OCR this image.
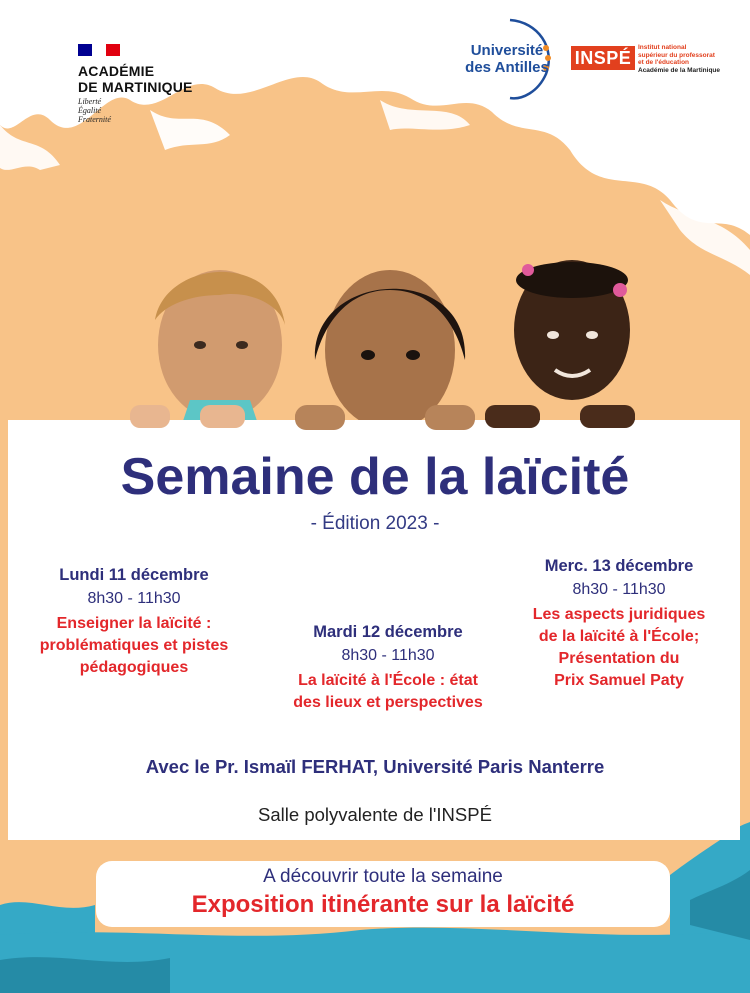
ACADÉMIE
DE MARTINIQUE
Liberté
Égalité
Fraternité
Université
des Antilles INSPÉ
Institut national
supérieur du professorat
et de l'éducation
Académie de la Martinique
Semaine de la laïcité
- Édition 2023 -
Lundi 11 décembre
8h30 - 11h30
Enseigner la laïcité :
problématiques et pistes
pédagogiques
Mardi 12 décembre
8h30 - 11h30
La laïcité à l'École : état
des lieux et perspectives
Merc. 13 décembre
8h30 - 11h30
Les aspects juridiques
de la laïcité à l'École;
Présentation du
Prix Samuel Paty
Avec le Pr. Ismaïl FERHAT, Université Paris Nanterre
Salle polyvalente de l'INSPÉ
A découvrir toute la semaine
Exposition itinérante sur la laïcité
